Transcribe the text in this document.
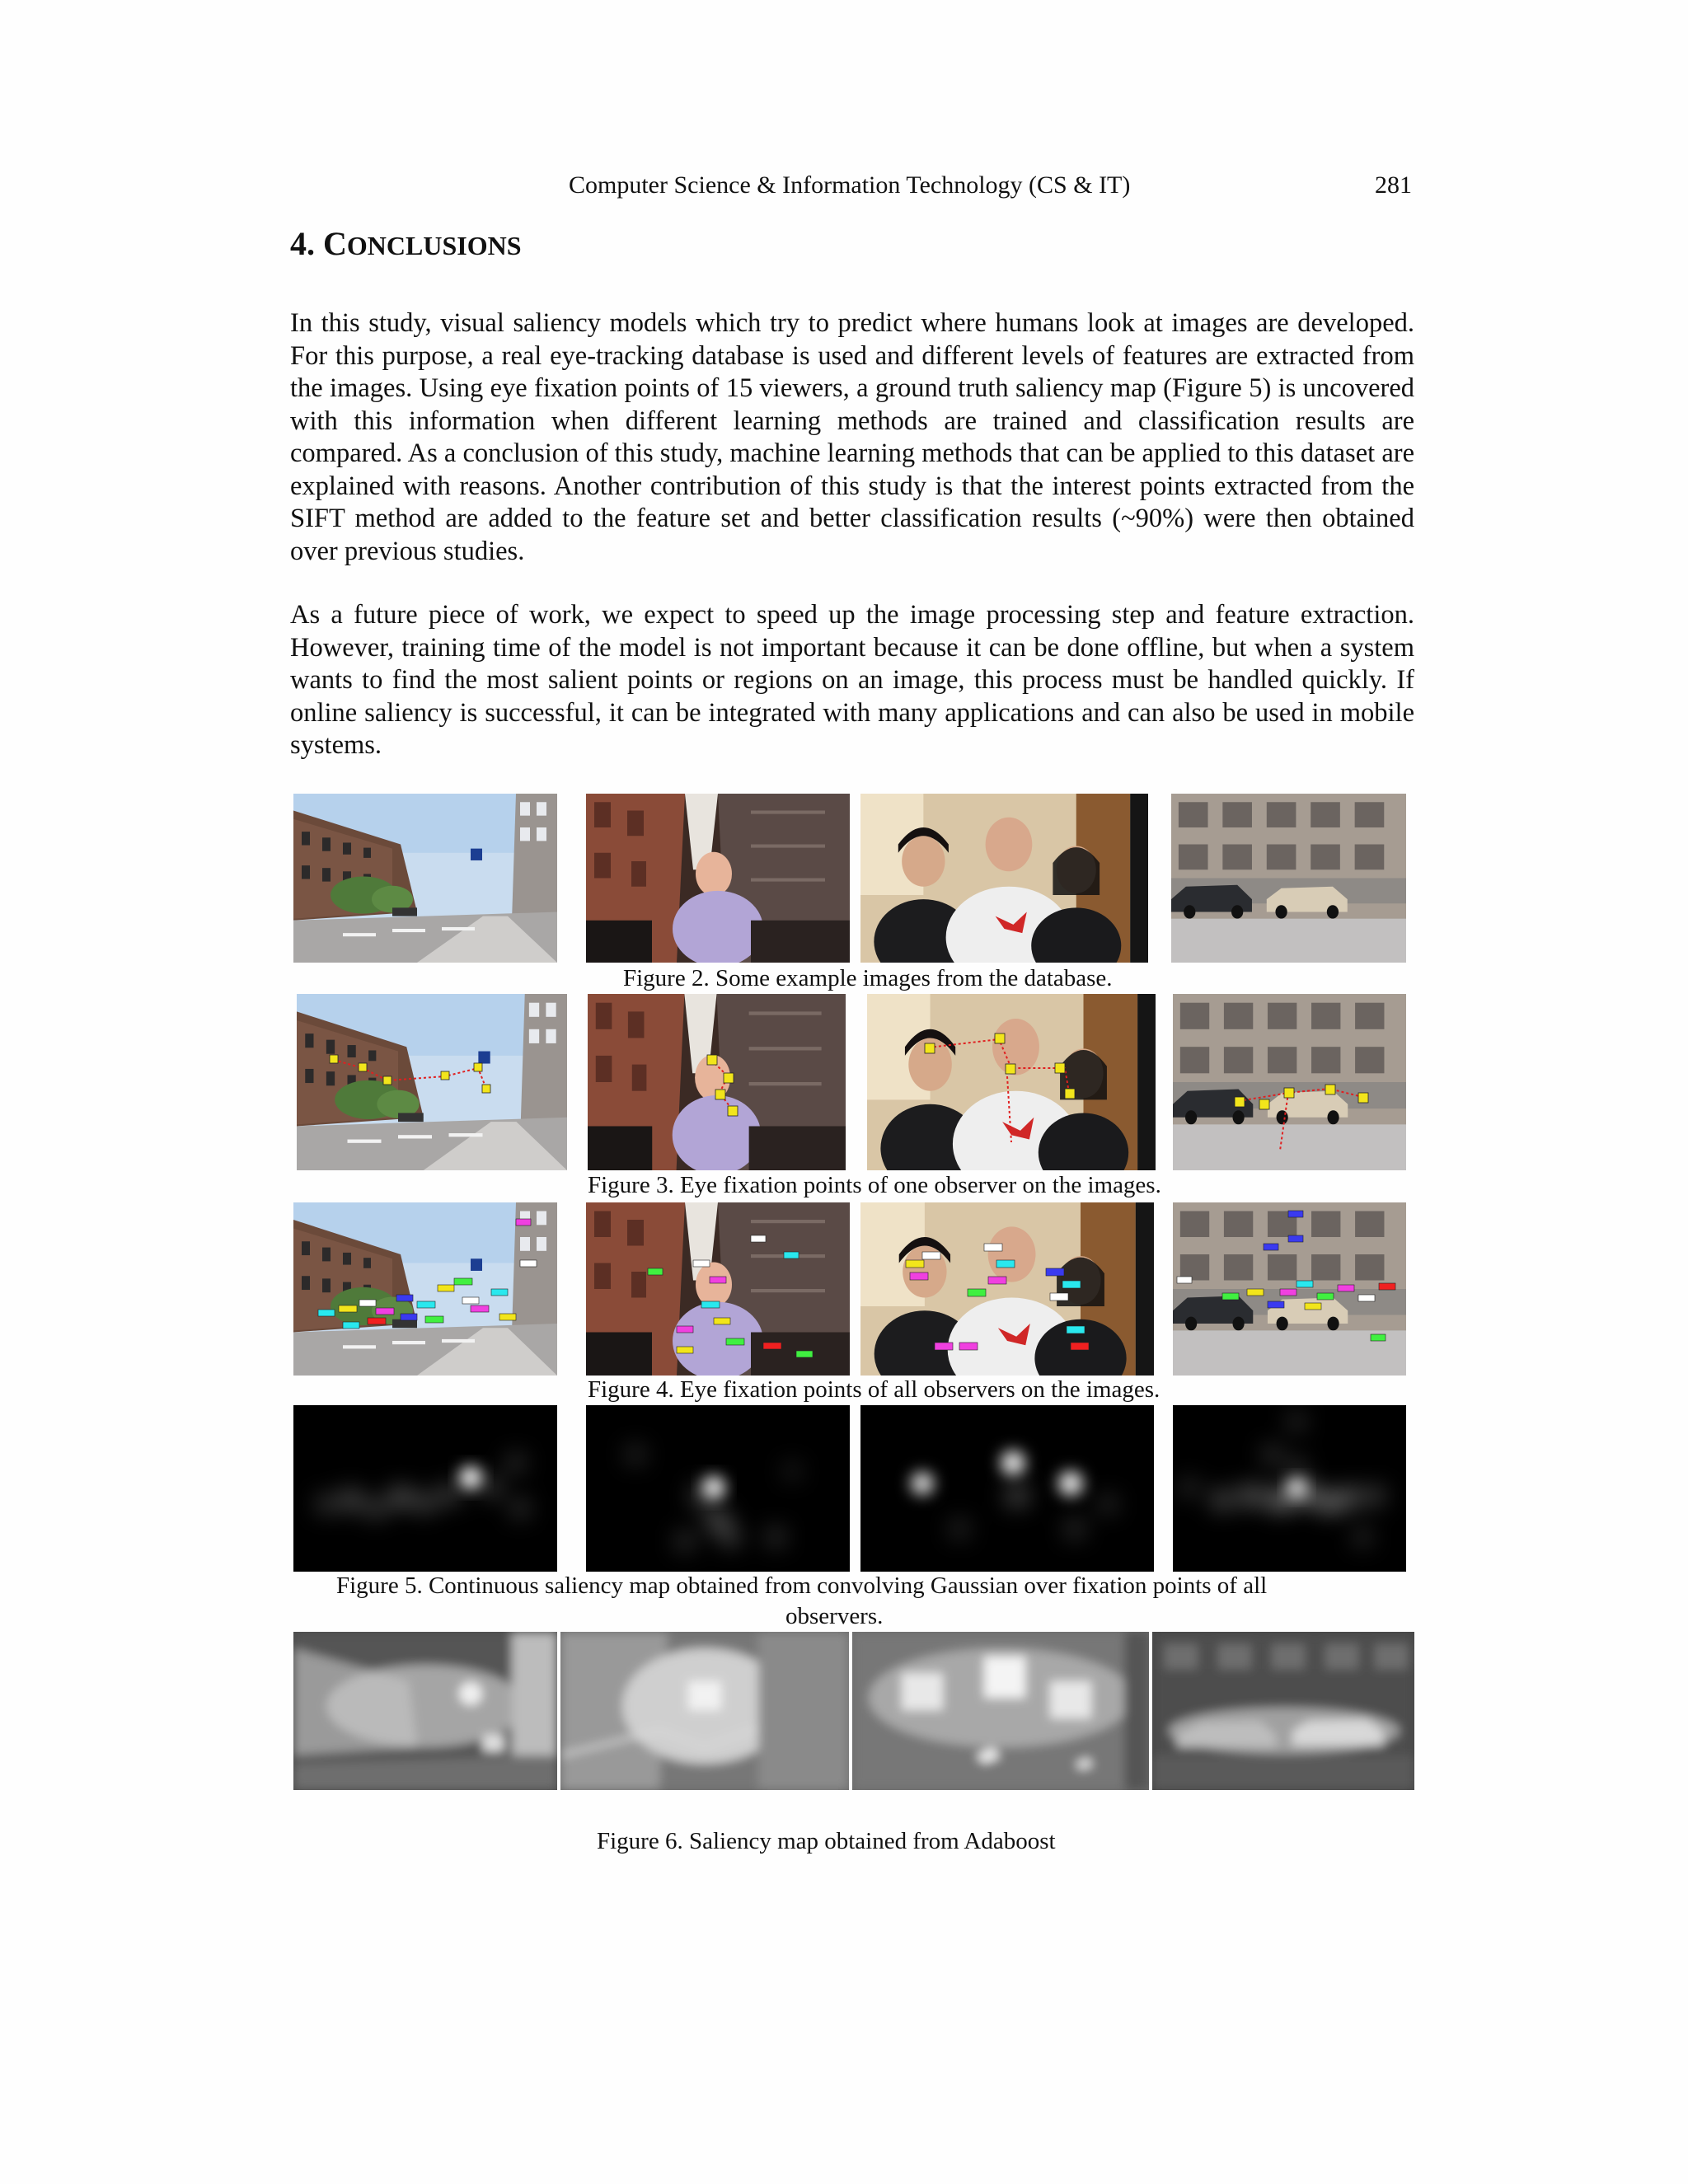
Computer Science & Information Technology (CS & IT)	281
4. CONCLUSIONS

In this study, visual saliency models which try to predict where humans look at images are developed. For this purpose, a real eye-tracking database is used and different levels of features are extracted from the images. Using eye fixation points of 15 viewers, a ground truth saliency map (Figure 5) is uncovered with this information when different learning methods are trained and classification results are compared. As a conclusion of this study, machine learning methods that can be applied to this dataset are explained with reasons. Another contribution of this study is that the interest points extracted from the SIFT method are added to the feature set and better classification results (~90%) were then obtained over previous studies.

As a future piece of work, we expect to speed up the image processing step and feature extraction. However, training time of the model is not important because it can be done offline, but when a system wants to find the most salient points or regions on an image, this process must be handled quickly. If online saliency is successful, it can be integrated with many applications and can also be used in mobile systems.

Figure 2. Some example images from the database.
Figure 3. Eye fixation points of one observer on the images.
Figure 4. Eye fixation points of all observers on the images.
Figure 5. Continuous saliency map obtained from convolving Gaussian over fixation points of all
observers.
Figure 6. Saliency map obtained from Adaboost
